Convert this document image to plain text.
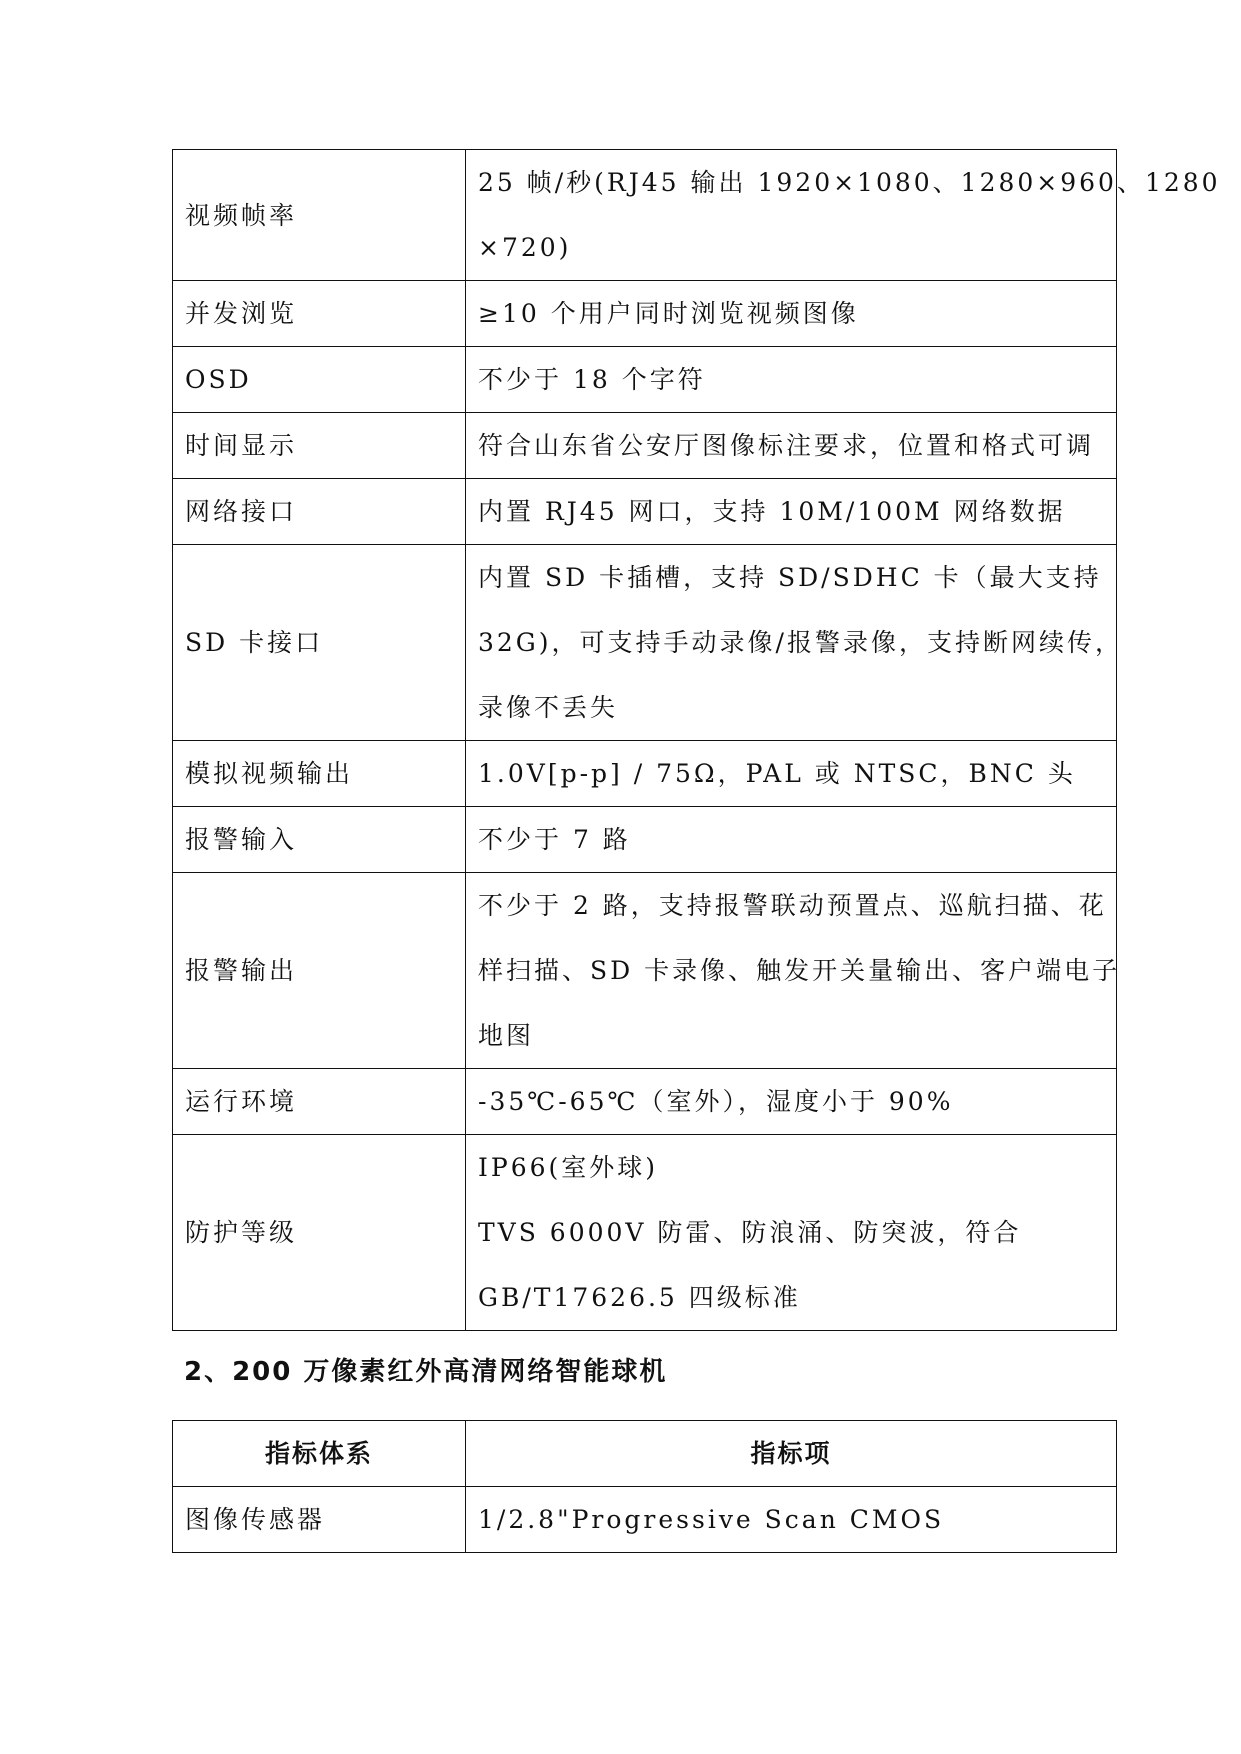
视频帧率	25 帧/秒(RJ45 输出 1920×1080、1280×960、1280
×720)

并发浏览	≥10 个用户同时浏览视频图像

OSD	不少于 18 个字符

时间显示	符合山东省公安厅图像标注要求，位置和格式可调

网络接口	内置 RJ45 网口，支持 10M/100M 网络数据

SD 卡接口	内置 SD 卡插槽，支持 SD/SDHC 卡（最大支持
32G)，可支持手动录像/报警录像，支持断网续传，
录像不丢失

模拟视频输出	1.0V[p-p] / 75Ω，PAL 或 NTSC，BNC 头

报警输入	不少于 7 路

报警输出	不少于 2 路，支持报警联动预置点、巡航扫描、花
样扫描、SD 卡录像、触发开关量输出、客户端电子
地图

运行环境	-35℃-65℃（室外），湿度小于 90%

防护等级	IP66(室外球)
TVS 6000V 防雷、防浪涌、防突波，符合
GB/T17626.5 四级标准
2、200 万像素红外高清网络智能球机
指标体系	指标项
图像传感器	1/2.8"Progressive Scan CMOS
